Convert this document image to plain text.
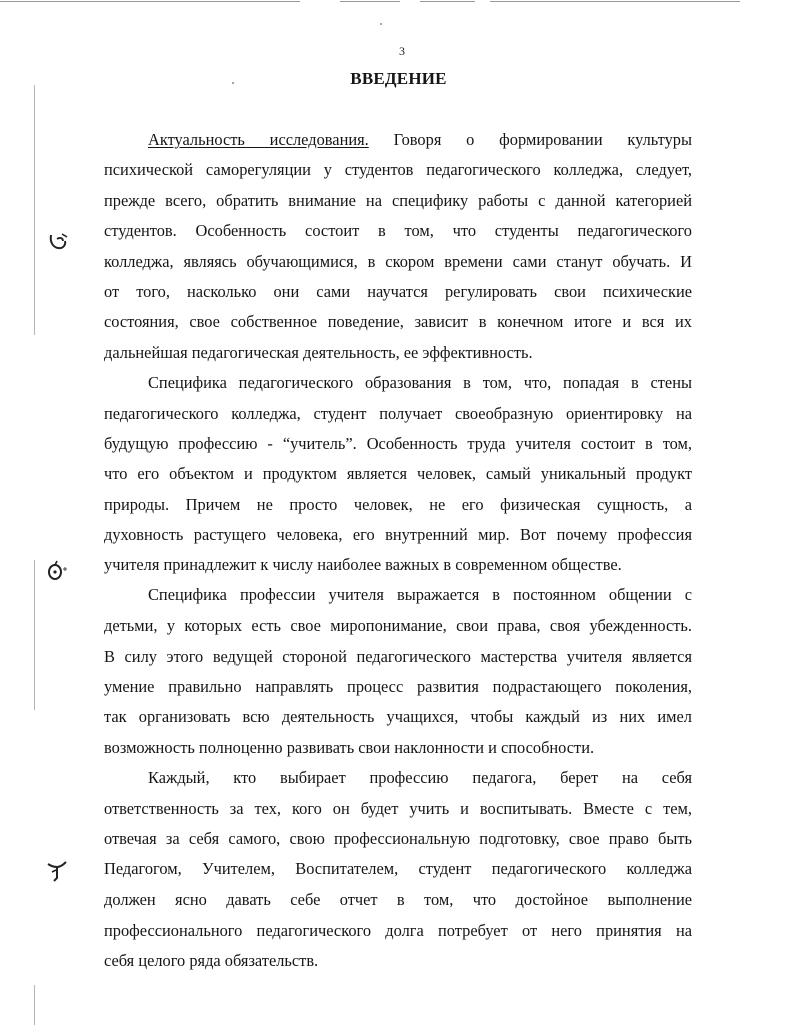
3
ВВЕДЕНИЕ
Актуальность исследования. Говоря о формировании культуры
психической саморегуляции у студентов педагогического колледжа, следует,
прежде всего, обратить внимание на специфику работы с данной категорией
студентов. Особенность состоит в том, что студенты педагогического
колледжа, являясь обучающимися, в скором времени сами станут обучать. И
от того, насколько они сами научатся регулировать свои психические
состояния, свое собственное поведение, зависит в конечном итоге и вся их
дальнейшая педагогическая деятельность, ее эффективность.
Специфика педагогического образования в том, что, попадая в стены
педагогического колледжа, студент получает своеобразную ориентировку на
будущую профессию - “учитель”. Особенность труда учителя состоит в том,
что его объектом и продуктом является человек, самый уникальный продукт
природы. Причем не просто человек, не его физическая сущность, а
духовность растущего человека, его внутренний мир. Вот почему профессия
учителя принадлежит к числу наиболее важных в современном обществе.
Специфика профессии учителя выражается в постоянном общении с
детьми, у которых есть свое миропонимание, свои права, своя убежденность.
В силу этого ведущей стороной педагогического мастерства учителя является
умение правильно направлять процесс развития подрастающего поколения,
так организовать всю деятельность учащихся, чтобы каждый из них имел
возможность полноценно развивать свои наклонности и способности.
Каждый, кто выбирает профессию педагога, берет на себя
ответственность за тех, кого он будет учить и воспитывать. Вместе с тем,
отвечая за себя самого, свою профессиональную подготовку, свое право быть
Педагогом, Учителем, Воспитателем, студент педагогического колледжа
должен ясно давать себе отчет в том, что достойное выполнение
профессионального педагогического долга потребует от него принятия на
себя целого ряда обязательств.
